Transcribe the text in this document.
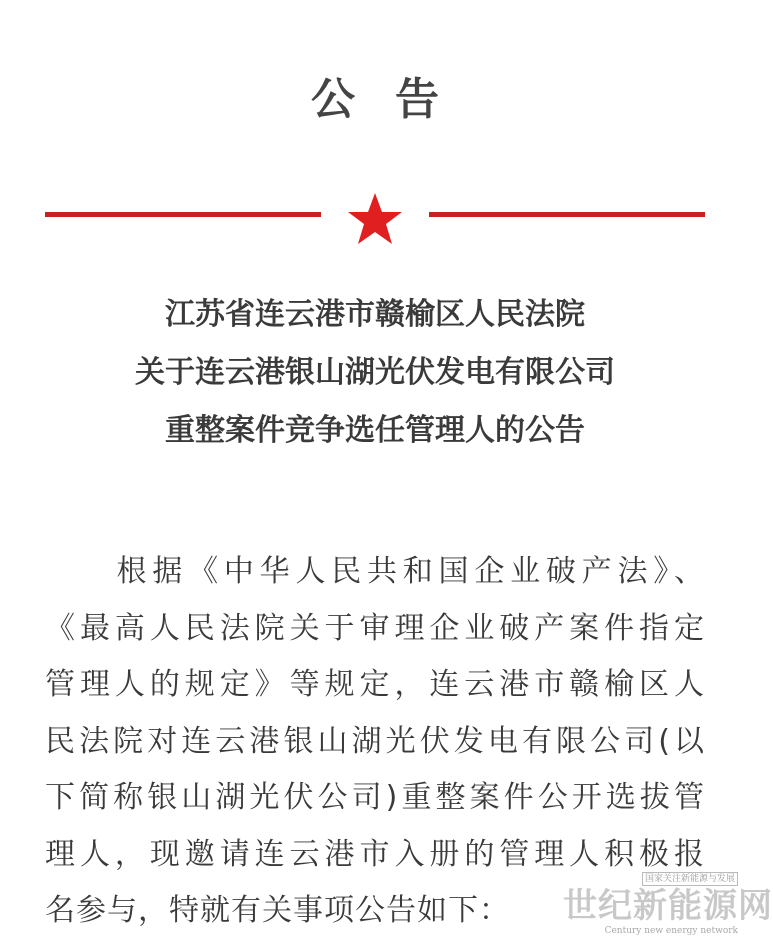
公告
江苏省连云港市赣榆区人民法院
关于连云港银山湖光伏发电有限公司
重整案件竞争选任管理人的公告
　　根据《中华人民共和国企业破产法》、
《最高人民法院关于审理企业破产案件指定
管理人的规定》等规定，连云港市赣榆区人
民法院对连云港银山湖光伏发电有限公司(以
下简称银山湖光伏公司)重整案件公开选拔管
理人，现邀请连云港市入册的管理人积极报
名参与，特就有关事项公告如下：
国家关注新能源与发展
世纪新能源网
Century new energy network
